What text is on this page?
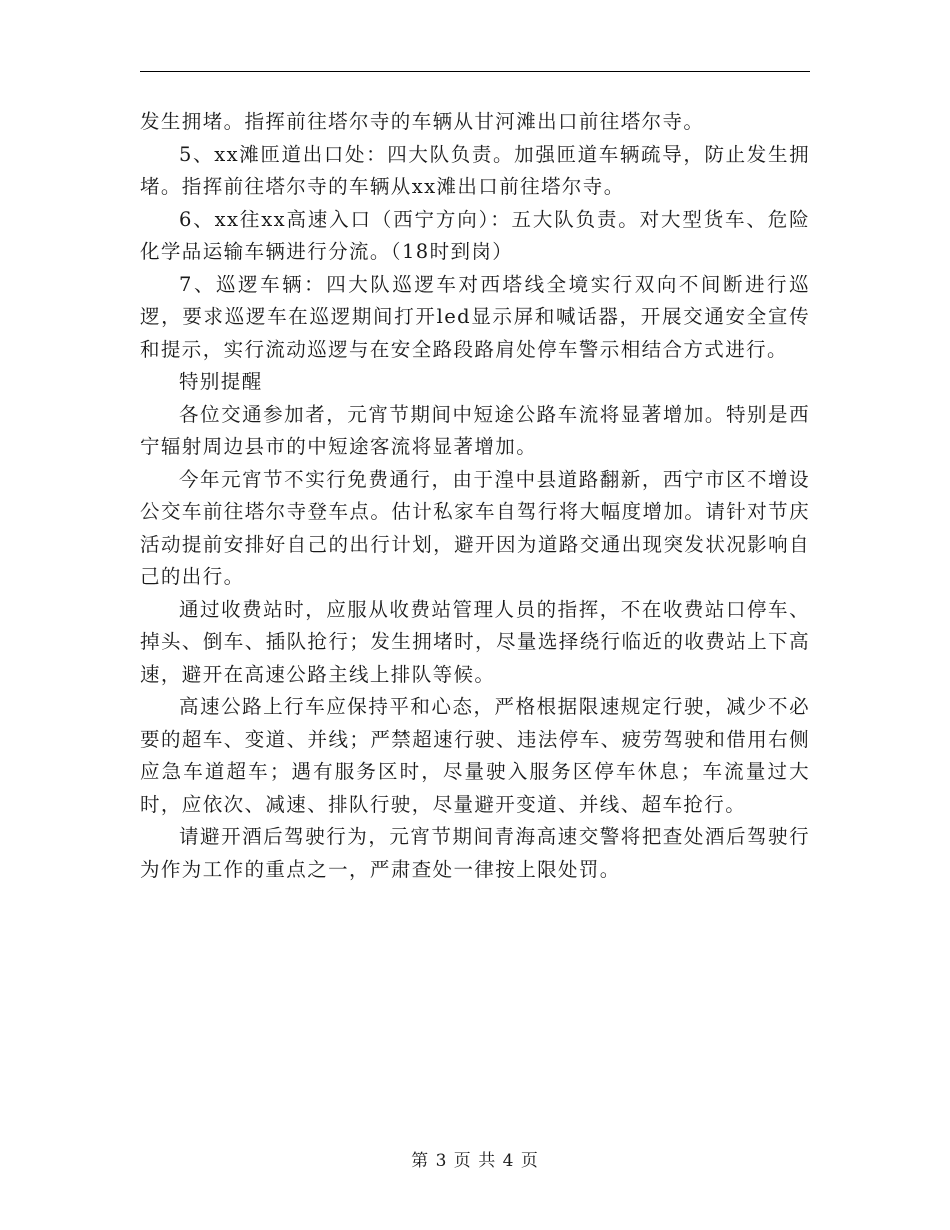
发生拥堵。指挥前往塔尔寺的车辆从甘河滩出口前往塔尔寺。

5、xx滩匝道出口处：四大队负责。加强匝道车辆疏导，防止发生拥堵。指挥前往塔尔寺的车辆从xx滩出口前往塔尔寺。

6、xx往xx高速入口（西宁方向）：五大队负责。对大型货车、危险化学品运输车辆进行分流。（18时到岗）

7、巡逻车辆：四大队巡逻车对西塔线全境实行双向不间断进行巡逻，要求巡逻车在巡逻期间打开led显示屏和喊话器，开展交通安全宣传和提示，实行流动巡逻与在安全路段路肩处停车警示相结合方式进行。

特别提醒

各位交通参加者，元宵节期间中短途公路车流将显著增加。特别是西宁辐射周边县市的中短途客流将显著增加。

今年元宵节不实行免费通行，由于湟中县道路翻新，西宁市区不增设公交车前往塔尔寺登车点。估计私家车自驾行将大幅度增加。请针对节庆活动提前安排好自己的出行计划，避开因为道路交通出现突发状况影响自己的出行。

通过收费站时，应服从收费站管理人员的指挥，不在收费站口停车、掉头、倒车、插队抢行；发生拥堵时，尽量选择绕行临近的收费站上下高速，避开在高速公路主线上排队等候。

高速公路上行车应保持平和心态，严格根据限速规定行驶，减少不必要的超车、变道、并线；严禁超速行驶、违法停车、疲劳驾驶和借用右侧应急车道超车；遇有服务区时，尽量驶入服务区停车休息；车流量过大时，应依次、减速、排队行驶，尽量避开变道、并线、超车抢行。

请避开酒后驾驶行为，元宵节期间青海高速交警将把查处酒后驾驶行为作为工作的重点之一，严肃查处一律按上限处罚。

第 3 页 共 4 页
